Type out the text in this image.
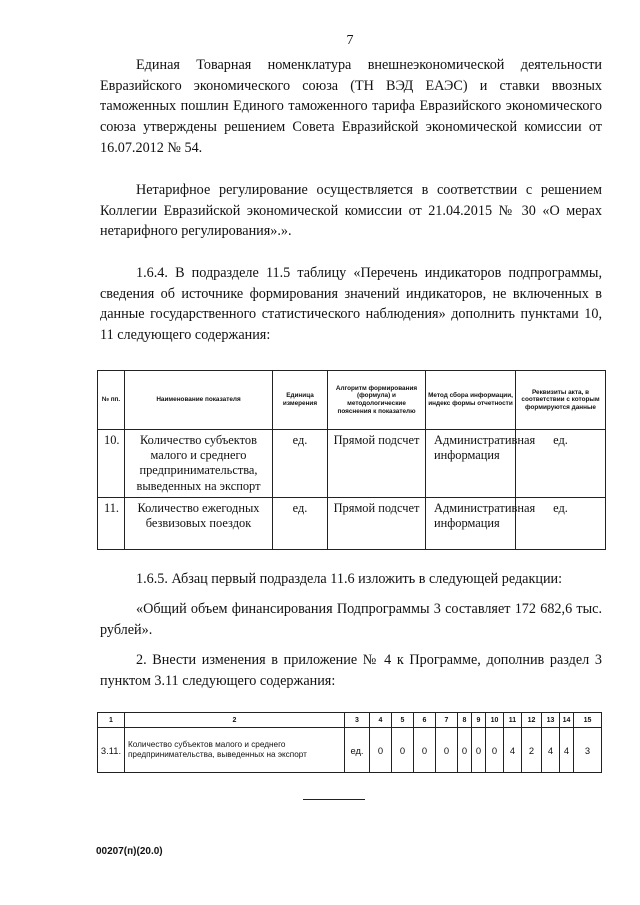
7

Единая Товарная номенклатура внешнеэкономической деятельности Евразийского экономического союза (ТН ВЭД ЕАЭС) и ставки ввозных таможенных пошлин Единого таможенного тарифа Евразийского экономического союза утверждены решением Совета Евразийской экономической комиссии от 16.07.2012 № 54.

Нетарифное регулирование осуществляется в соответствии с решением Коллегии Евразийской экономической комиссии от 21.04.2015 № 30 «О мерах нетарифного регулирования».».

1.6.4. В подразделе 11.5 таблицу «Перечень индикаторов подпрограммы, сведения об источнике формирования значений индикаторов, не включенных в данные государственного статистического наблюдения» дополнить пунктами 10, 11 следующего содержания:

№ пп.	Наименование показателя	Единица измерения	Алгоритм формирования (формула) и методологические пояснения к показателю	Метод сбора информации, индекс формы отчетности	Реквизиты акта, в соответствии с которым формируются данные
10.	Количество субъектов малого и среднего предпринимательства, выведенных на экспорт	ед.	Прямой подсчет	Административная информация	ед.
11.	Количество ежегодных безвизовых поездок	ед.	Прямой подсчет	Административная информация	ед.

1.6.5. Абзац первый подраздела 11.6 изложить в следующей редакции:

«Общий объем финансирования Подпрограммы 3 составляет 172 682,6 тыс. рублей».

2. Внести изменения в приложение № 4 к Программе, дополнив раздел 3 пунктом 3.11 следующего содержания:

1	2	3	4	5	6	7	8	9	10	11	12	13	14	15
3.11.	Количество субъектов малого и среднего предпринимательства, выведенных на экспорт	ед.	0	0	0	0	0	0	0	4	2	4	4	3
00207(п)(20.0)
